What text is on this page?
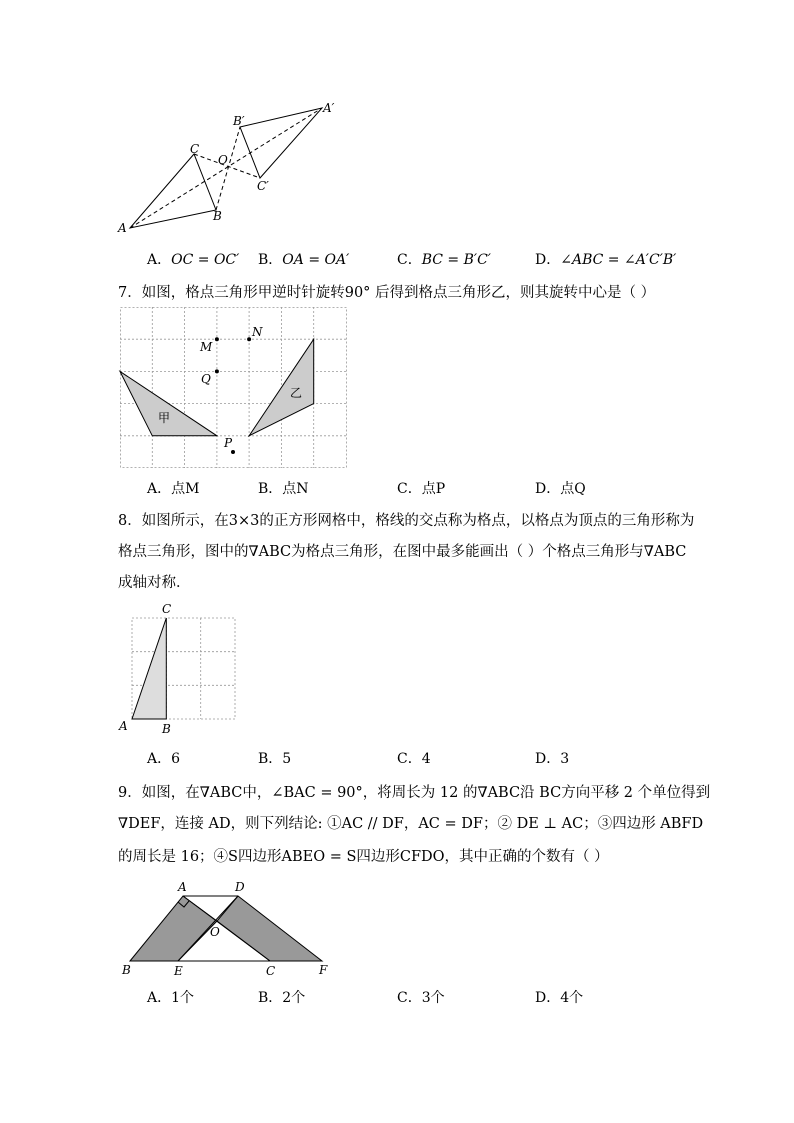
A
B
C
O
A′
B′
C′
A．OC = OC′ B．OA = OA′	C．BC = B′C′	D．∠ABC = ∠A′C′B′
7．如图，格点三角形甲逆时针旋转90° 后得到格点三角形乙，则其旋转中心是（ ）
甲
乙
M
N
Q
P
A．点M	B．点N	C．点P	D．点Q
8．如图所示，在3×3的正方形网格中，格线的交点称为格点，以格点为顶点的三角形称为
格点三角形，图中的∇ABC为格点三角形，在图中最多能画出（ ）个格点三角形与∇ABC
成轴对称．
A	B
C
A．6	B．5	C．4	D．3
9．如图，在∇ABC中，∠BAC = 90°，将周长为 12 的∇ABC沿 BC方向平移 2 个单位得到
∇DEF，连接 AD，则下列结论: ①AC // DF，AC = DF；② DE ⊥ AC；③四边形 ABFD
的周长是 16；④S四边形ABEO = S四边形CFDO，其中正确的个数有（ ）
A	D
O
B	E	C	F
A．1个	B．2个	C．3个	D．4个
